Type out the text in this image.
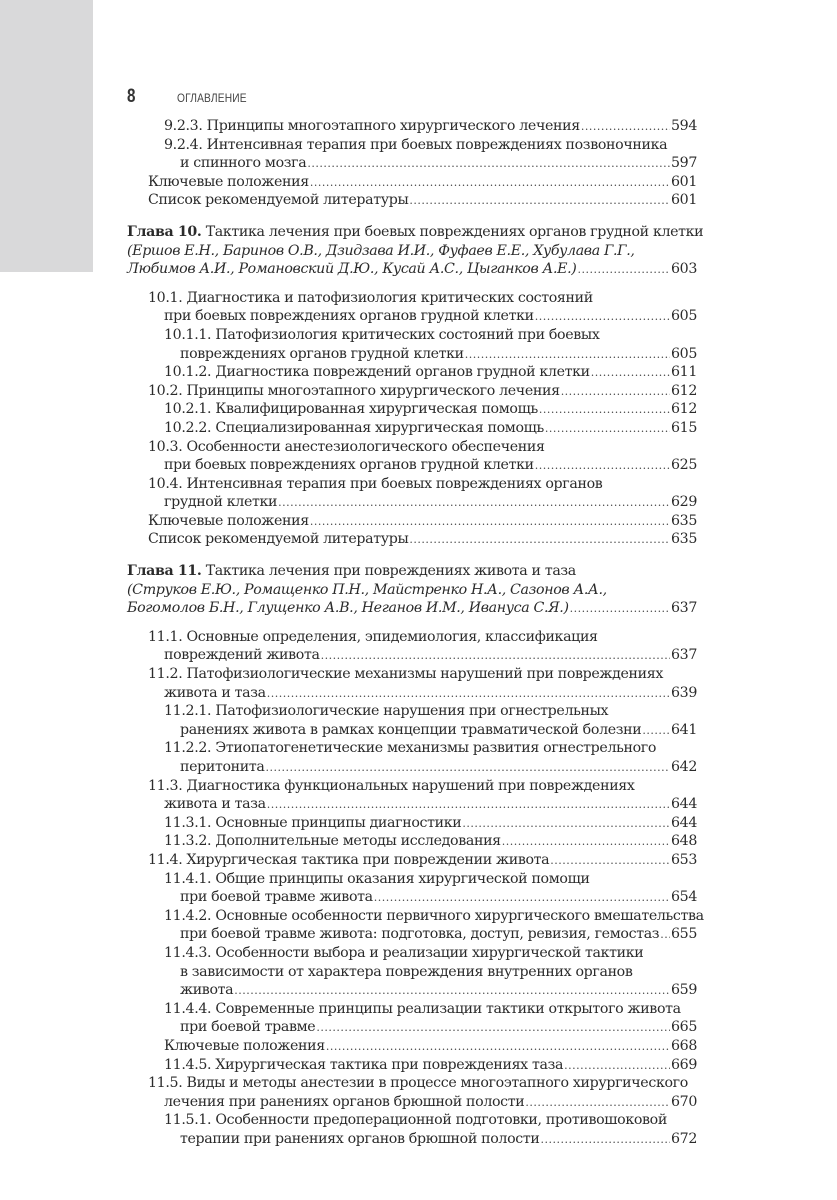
8	ОГЛАВЛЕНИЕ
9.2.3. Принципы многоэтапного хирургического лечения .....	594
9.2.4. Интенсивная терапия при боевых повреждениях позвоночника
и спинного мозга .....	597
Ключевые положения .....	601
Список рекомендуемой литературы .....	601
Глава 10. Тактика лечения при боевых повреждениях органов грудной клетки
(Ершов Е.Н., Баринов О.В., Дзидзава И.И., Фуфаев Е.Е., Хубулава Г.Г.,
Любимов А.И., Романовский Д.Ю., Кусай А.С., Цыганков А.Е.) .....	603
10.1. Диагностика и патофизиология критических состояний
при боевых повреждениях органов грудной клетки .....	605
10.1.1. Патофизиология критических состояний при боевых
повреждениях органов грудной клетки .....	605
10.1.2. Диагностика повреждений органов грудной клетки .....	611
10.2. Принципы многоэтапного хирургического лечения .....	612
10.2.1. Квалифицированная хирургическая помощь .....	612
10.2.2. Специализированная хирургическая помощь .....	615
10.3. Особенности анестезиологического обеспечения
при боевых повреждениях органов грудной клетки .....	625
10.4. Интенсивная терапия при боевых повреждениях органов
грудной клетки .....	629
Ключевые положения .....	635
Список рекомендуемой литературы .....	635
Глава 11. Тактика лечения при повреждениях живота и таза
(Струков Е.Ю., Ромащенко П.Н., Майстренко Н.А., Сазонов А.А.,
Богомолов Б.Н., Глущенко А.В., Неганов И.М., Ивануса С.Я.) .....	637
11.1. Основные определения, эпидемиология, классификация
повреждений живота .....	637
11.2. Патофизиологические механизмы нарушений при повреждениях
живота и таза .....	639
11.2.1. Патофизиологические нарушения при огнестрельных
ранениях живота в рамках концепции травматической болезни ..... 641
11.2.2. Этиопатогенетические механизмы развития огнестрельного
перитонита .....	642
11.3. Диагностика функциональных нарушений при повреждениях
живота и таза .....	644
11.3.1. Основные принципы диагностики .....	644
11.3.2. Дополнительные методы исследования .....	648
11.4. Хирургическая тактика при повреждении живота .....	653
11.4.1. Общие принципы оказания хирургической помощи
при боевой травме живота .....	654
11.4.2. Основные особенности первичного хирургического вмешательства
при боевой травме живота: подготовка, доступ, ревизия, гемостаз ..... 655
11.4.3. Особенности выбора и реализации хирургической тактики
в зависимости от характера повреждения внутренних органов
живота .....	659
11.4.4. Современные принципы реализации тактики открытого живота
при боевой травме .....	665
Ключевые положения .....	668
11.4.5. Хирургическая тактика при повреждениях таза .....	669
11.5. Виды и методы анестезии в процессе многоэтапного хирургического
лечения при ранениях органов брюшной полости .....	670
11.5.1. Особенности предоперационной подготовки, противошоковой
терапии при ранениях органов брюшной полости .....	672
